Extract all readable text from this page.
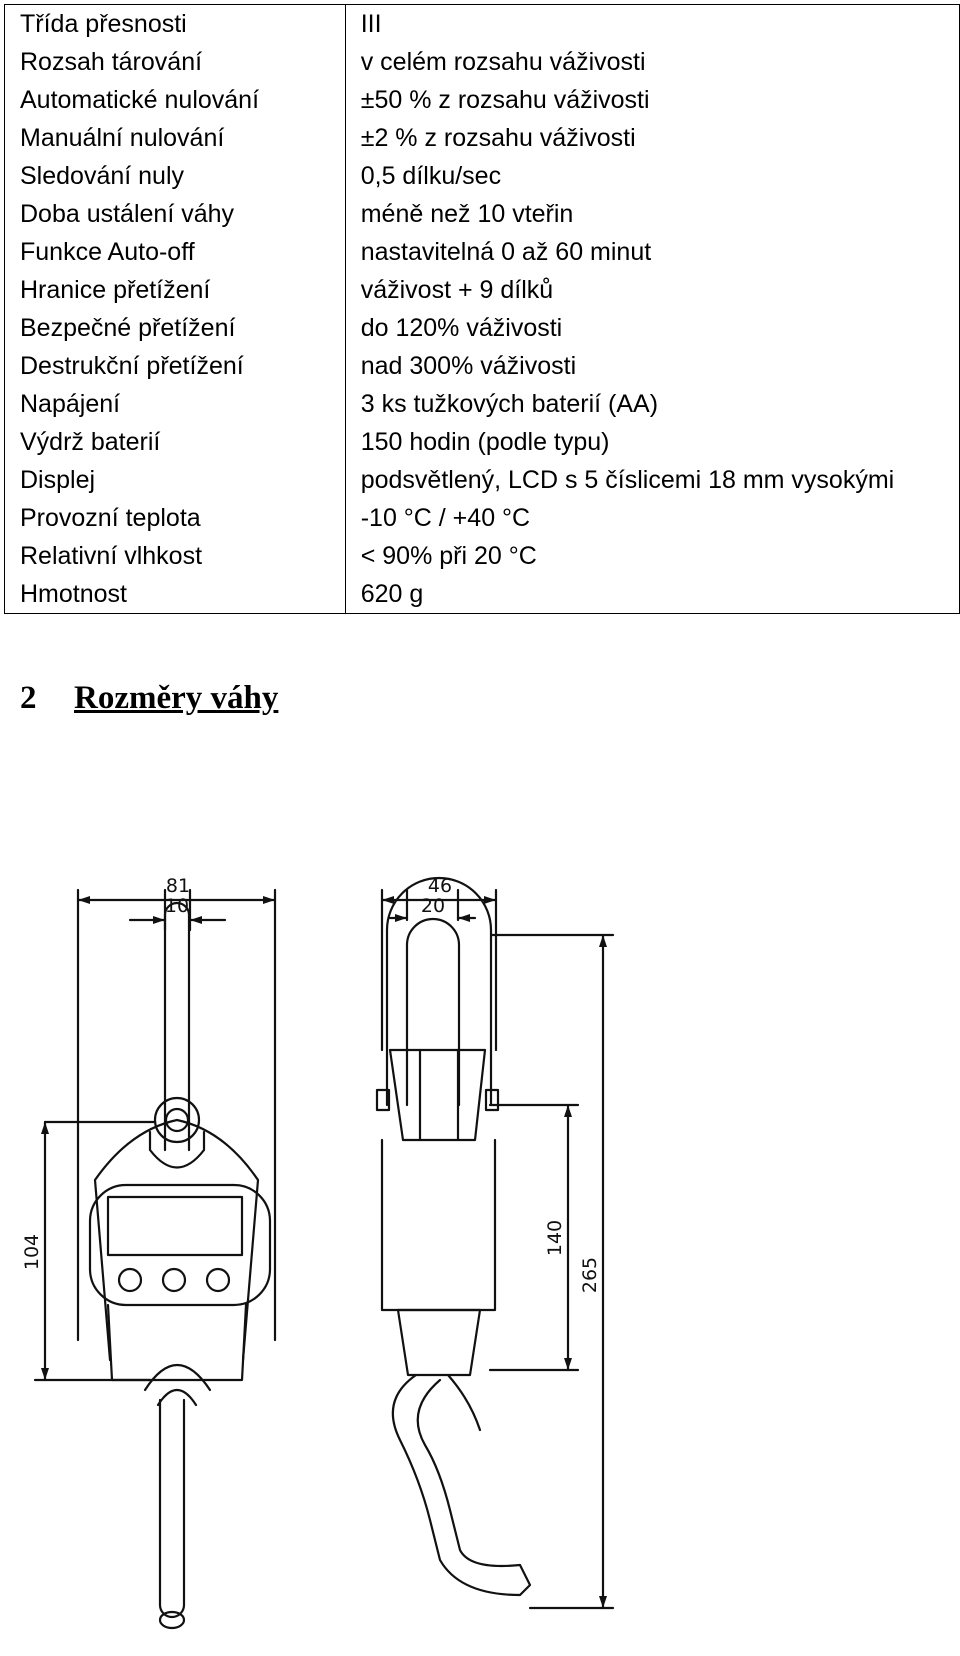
Třída přesnosti	III
Rozsah tárování	v celém rozsahu váživosti
Automatické nulování	±50 % z rozsahu váživosti
Manuální nulování	±2 % z rozsahu váživosti
Sledování nuly	0,5 dílku/sec
Doba ustálení váhy	méně než 10 vteřin
Funkce Auto-off	nastavitelná 0 až 60 minut
Hranice přetížení	váživost + 9 dílků
Bezpečné přetížení	do 120% váživosti
Destrukční přetížení	nad 300% váživosti
Napájení	3 ks tužkových baterií (AA)
Výdrž baterií	150 hodin (podle typu)
Displej	podsvětlený, LCD s 5 číslicemi 18 mm vysokými
Provozní teplota	-10 °C / +40 °C
Relativní vlhkost	< 90% při 20 °C
Hmotnost	620 g
2 Rozměry váhy
81
10
104
46
20
140
265
